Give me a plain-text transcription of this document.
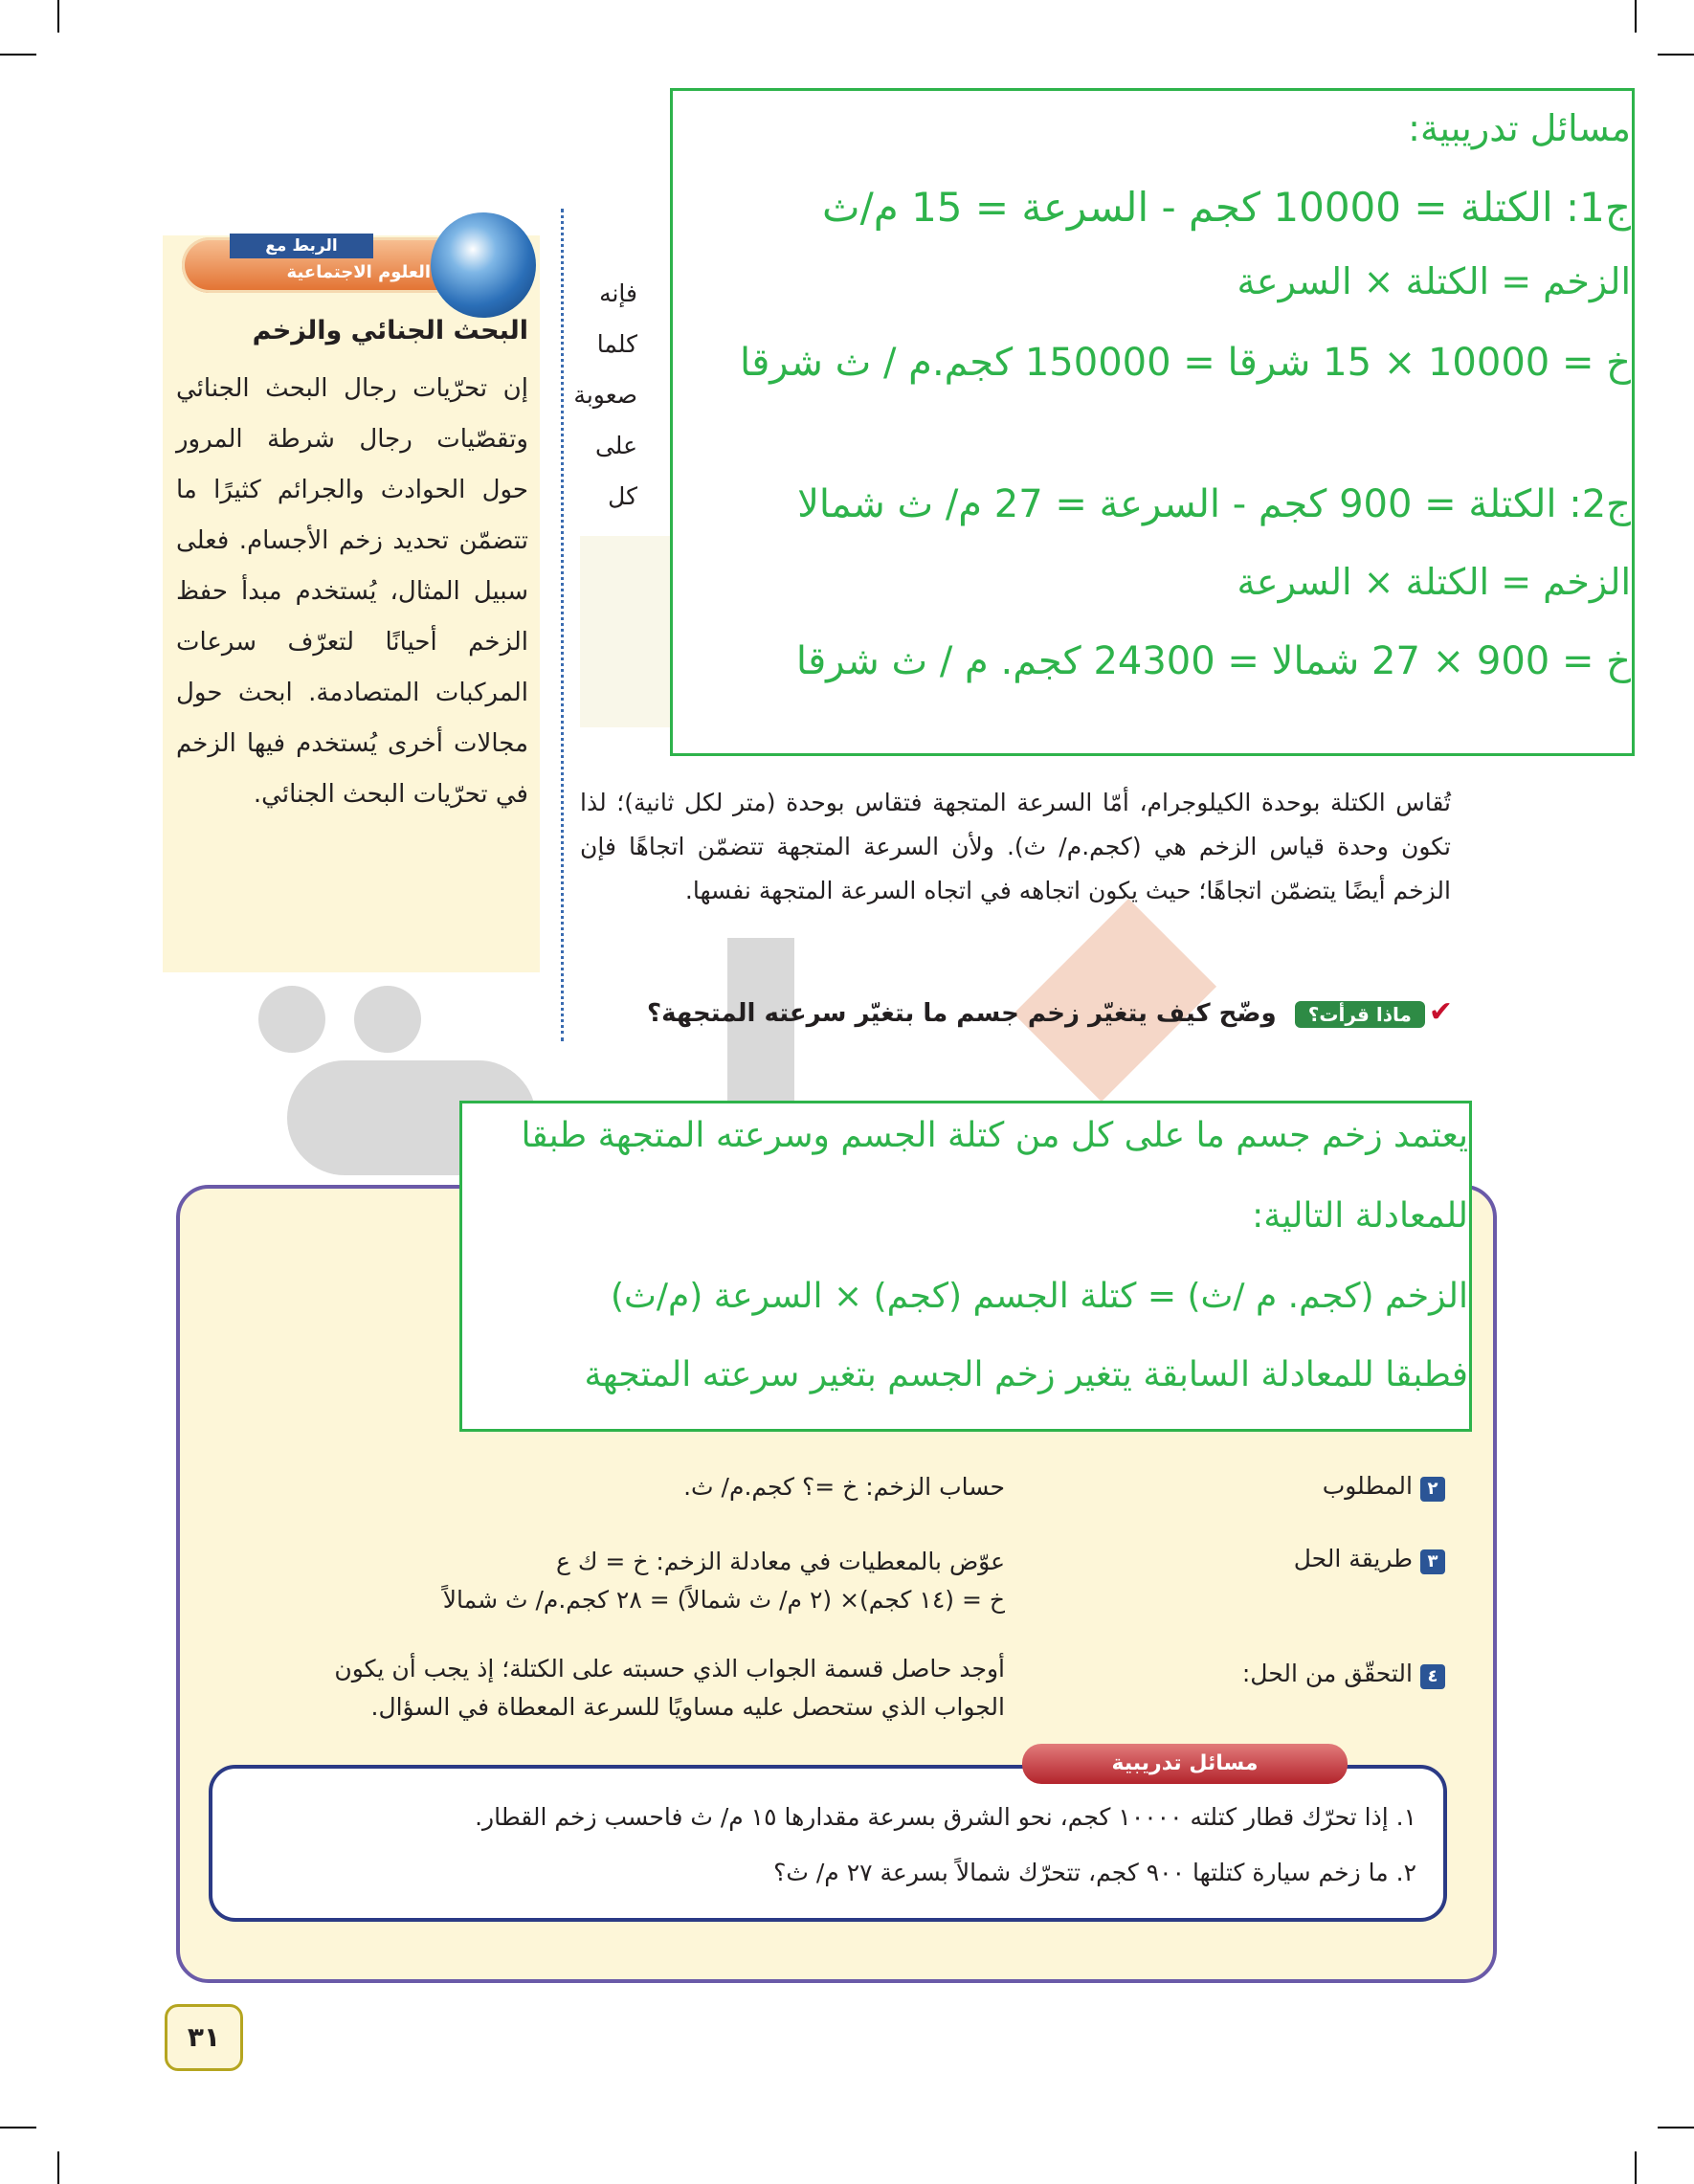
الربط مع
العلوم الاجتماعية
البحث الجنائي والزخم
إن تحرّيات رجال البحث الجنائي وتقصّيات رجال شرطة المرور حول الحوادث والجرائم كثيرًا ما تتضمّن تحديد زخم الأجسام. فعلى سبيل المثال، يُستخدم مبدأ حفظ الزخم أحيانًا لتعرّف سرعات المركبات المتصادمة. ابحث حول مجالات أخرى يُستخدم فيها الزخم في تحرّيات البحث الجنائي.
فإنه كلما
صعوبة
على كل
تُقاس الكتلة بوحدة الكيلوجرام، أمّا السرعة المتجهة فتقاس بوحدة (متر لكل ثانية)؛ لذا تكون وحدة قياس الزخم هي (كجم.م/ ث). ولأن السرعة المتجهة تتضمّن اتجاهًا فإن الزخم أيضًا يتضمّن اتجاهًا؛ حيث يكون اتجاهه في اتجاه السرعة المتجهة نفسها.
✔ماذا قرأت؟ وضّح كيف يتغيّر زخم جسم ما بتغيّر سرعته المتجهة؟
٢المطلوب
حساب الزخم: خ =؟ كجم.م/ ث.
٣طريقة الحل
عوّض بالمعطيات في معادلة الزخم: خ = ك ع
خ = (١٤ كجم)× (٢ م/ ث شمالاً) = ٢٨ كجم.م/ ث شمالاً
٤التحقّق من الحل:
أوجد حاصل قسمة الجواب الذي حسبته على الكتلة؛ إذ يجب أن يكون
الجواب الذي ستحصل عليه مساويًا للسرعة المعطاة في السؤال.
مسائل تدريبية
١. إذا تحرّك قطار كتلته ١٠٠٠٠ كجم، نحو الشرق بسرعة مقدارها ١٥ م/ ث فاحسب زخم القطار.
٢. ما زخم سيارة كتلتها ٩٠٠ كجم، تتحرّك شمالاً بسرعة ٢٧ م/ ث؟
٣١
مسائل تدريبية:
ج1: الكتلة = 10000 كجم - السرعة = 15 م/ث
الزخم = الكتلة × السرعة
خ = 10000 × 15 شرقا = 150000 كجم.م / ث شرقا
ج2: الكتلة = 900 كجم - السرعة = 27 م/ ث شمالا
الزخم = الكتلة × السرعة
خ = 900 × 27 شمالا = 24300 كجم. م / ث شرقا
يعتمد زخم جسم ما على كل من كتلة الجسم وسرعته المتجهة طبقا
للمعادلة التالية:
الزخم (كجم. م /ث) = كتلة الجسم (كجم) × السرعة (م/ث)
فطبقا للمعادلة السابقة يتغير زخم الجسم بتغير سرعته المتجهة
